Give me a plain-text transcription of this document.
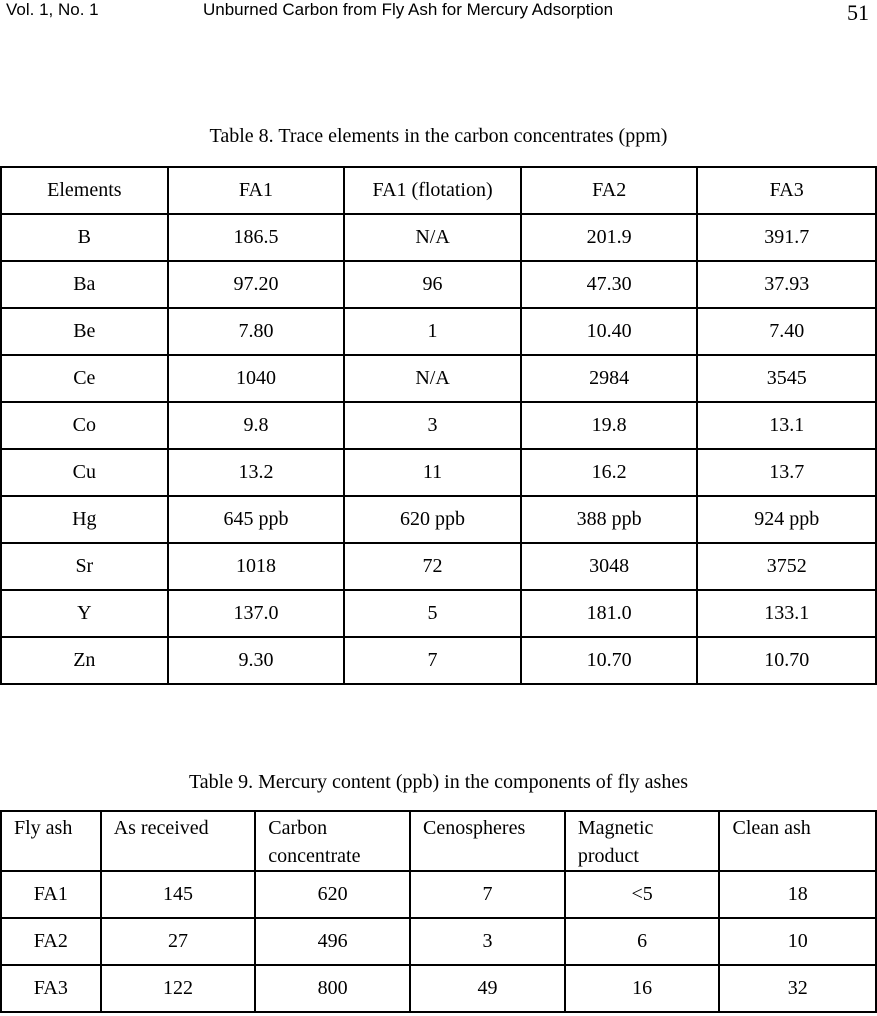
Vol. 1, No. 1	Unburned Carbon from Fly Ash for Mercury Adsorption	51
Table 8. Trace elements in the carbon concentrates (ppm)
Elements	FA1	FA1 (flotation)	FA2	FA3
B	186.5	N/A	201.9	391.7
Ba	97.20	96	47.30	37.93
Be	7.80	1	10.40	7.40
Ce	1040	N/A	2984	3545
Co	9.8	3	19.8	13.1
Cu	13.2	11	16.2	13.7
Hg	645 ppb	620 ppb	388 ppb	924 ppb
Sr	1018	72	3048	3752
Y	137.0	5	181.0	133.1
Zn	9.30	7	10.70	10.70
Table 9. Mercury content (ppb) in the components of fly ashes
Fly ash	As received	Carbon concentrate	Cenospheres	Magnetic product	Clean ash
FA1	145	620	7	<5	18
FA2	27	496	3	6	10
FA3	122	800	49	16	32
